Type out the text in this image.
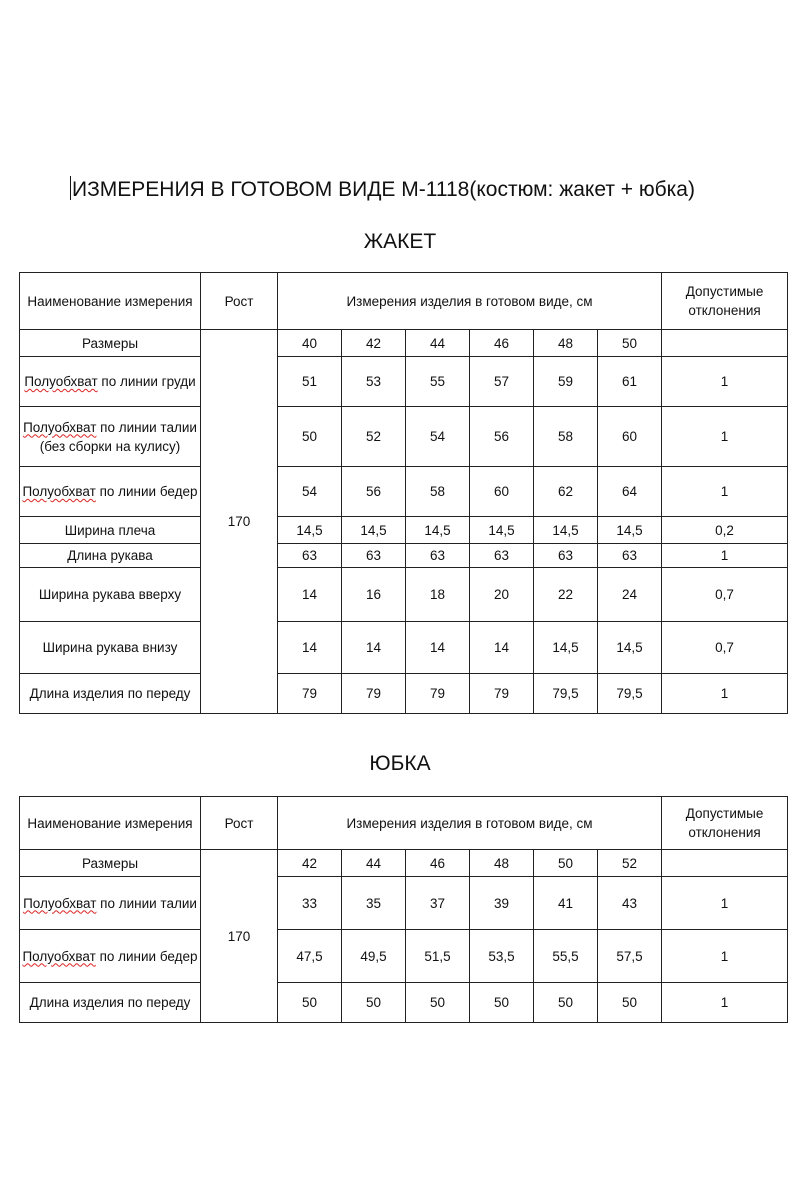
ИЗМЕРЕНИЯ В ГОТОВОМ ВИДЕ М-1118(костюм: жакет + юбка)
ЖАКЕТ
Наименование измерения	Рост	Измерения изделия в готовом виде, см						Допустимые отклонения
Размеры	170	40	42	44	46	48	50	
Полуобхват по линии груди		51	53	55	57	59	61	1
Полуобхват по линии талии (без сборки на кулису)		50	52	54	56	58	60	1
Полуобхват по линии бедер		54	56	58	60	62	64	1
Ширина плеча		14,5	14,5	14,5	14,5	14,5	14,5	0,2
Длина рукава		63	63	63	63	63	63	1
Ширина рукава вверху		14	16	18	20	22	24	0,7
Ширина рукава внизу		14	14	14	14	14,5	14,5	0,7
Длина изделия по переду		79	79	79	79	79,5	79,5	1
ЮБКА
Наименование измерения	Рост	Измерения изделия в готовом виде, см						Допустимые отклонения
Размеры	170	42	44	46	48	50	52	
Полуобхват по линии талии		33	35	37	39	41	43	1
Полуобхват по линии бедер		47,5	49,5	51,5	53,5	55,5	57,5	1
Длина изделия по переду		50	50	50	50	50	50	1
